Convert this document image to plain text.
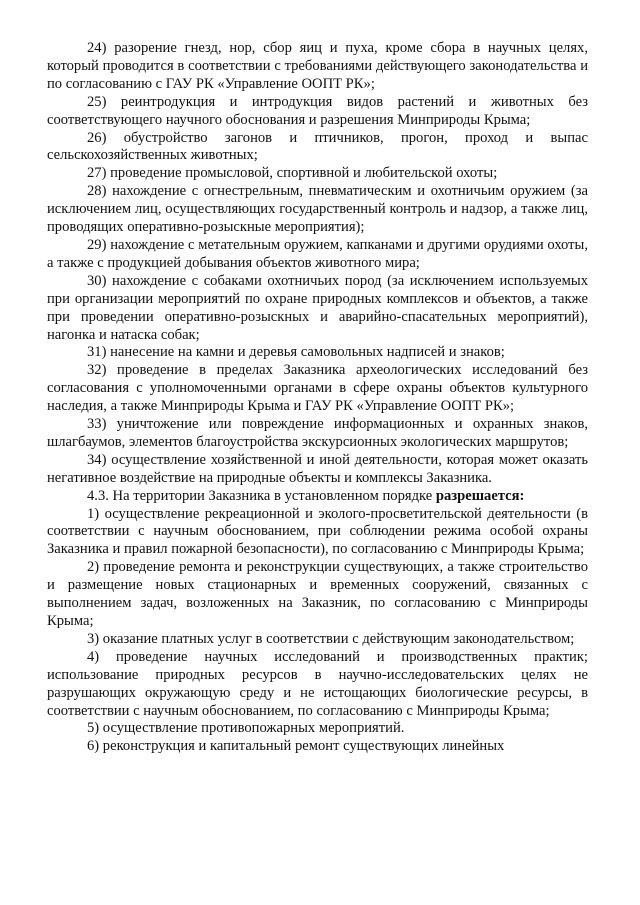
24) разорение гнезд, нор, сбор яиц и пуха, кроме сбора в научных целях, который проводится в соответствии с требованиями действующего законодательства и по согласованию с ГАУ РК «Управление ООПТ РК»;

25) реинтродукция и интродукция видов растений и животных без соответствующего научного обоснования и разрешения Минприроды Крыма;

26) обустройство загонов и птичников, прогон, проход и выпас сельскохозяйственных животных;

27) проведение промысловой, спортивной и любительской охоты;

28) нахождение с огнестрельным, пневматическим и охотничьим оружием (за исключением лиц, осуществляющих государственный контроль и надзор, а также лиц, проводящих оперативно-розыскные мероприятия);

29) нахождение с метательным оружием, капканами и другими орудиями охоты, а также с продукцией добывания объектов животного мира;

30) нахождение с собаками охотничьих пород (за исключением используемых при организации мероприятий по охране природных комплексов и объектов, а также при проведении оперативно-розыскных и аварийно-спасательных мероприятий), нагонка и натаска собак;

31) нанесение на камни и деревья самовольных надписей и знаков;

32) проведение в пределах Заказника археологических исследований без согласования с уполномоченными органами в сфере охраны объектов культурного наследия, а также Минприроды Крыма и ГАУ РК «Управление ООПТ РК»;

33) уничтожение или повреждение информационных и охранных знаков, шлагбаумов, элементов благоустройства экскурсионных экологических маршрутов;

34) осуществление хозяйственной и иной деятельности, которая может оказать негативное воздействие на природные объекты и комплексы Заказника.

4.3. На территории Заказника в установленном порядке разрешается:

1) осуществление рекреационной и эколого-просветительской деятельности (в соответствии с научным обоснованием, при соблюдении режима особой охраны Заказника и правил пожарной безопасности), по согласованию с Минприроды Крыма;

2) проведение ремонта и реконструкции существующих, а также строительство и размещение новых стационарных и временных сооружений, связанных с выполнением задач, возложенных на Заказник, по согласованию с Минприроды Крыма;

3) оказание платных услуг в соответствии с действующим законодательством;

4) проведение научных исследований и производственных практик; использование природных ресурсов в научно-исследовательских целях не разрушающих окружающую среду и не истощающих биологические ресурсы, в соответствии с научным обоснованием, по согласованию с Минприроды Крыма;

5) осуществление противопожарных мероприятий.

6) реконструкция и капитальный ремонт существующих линейных
